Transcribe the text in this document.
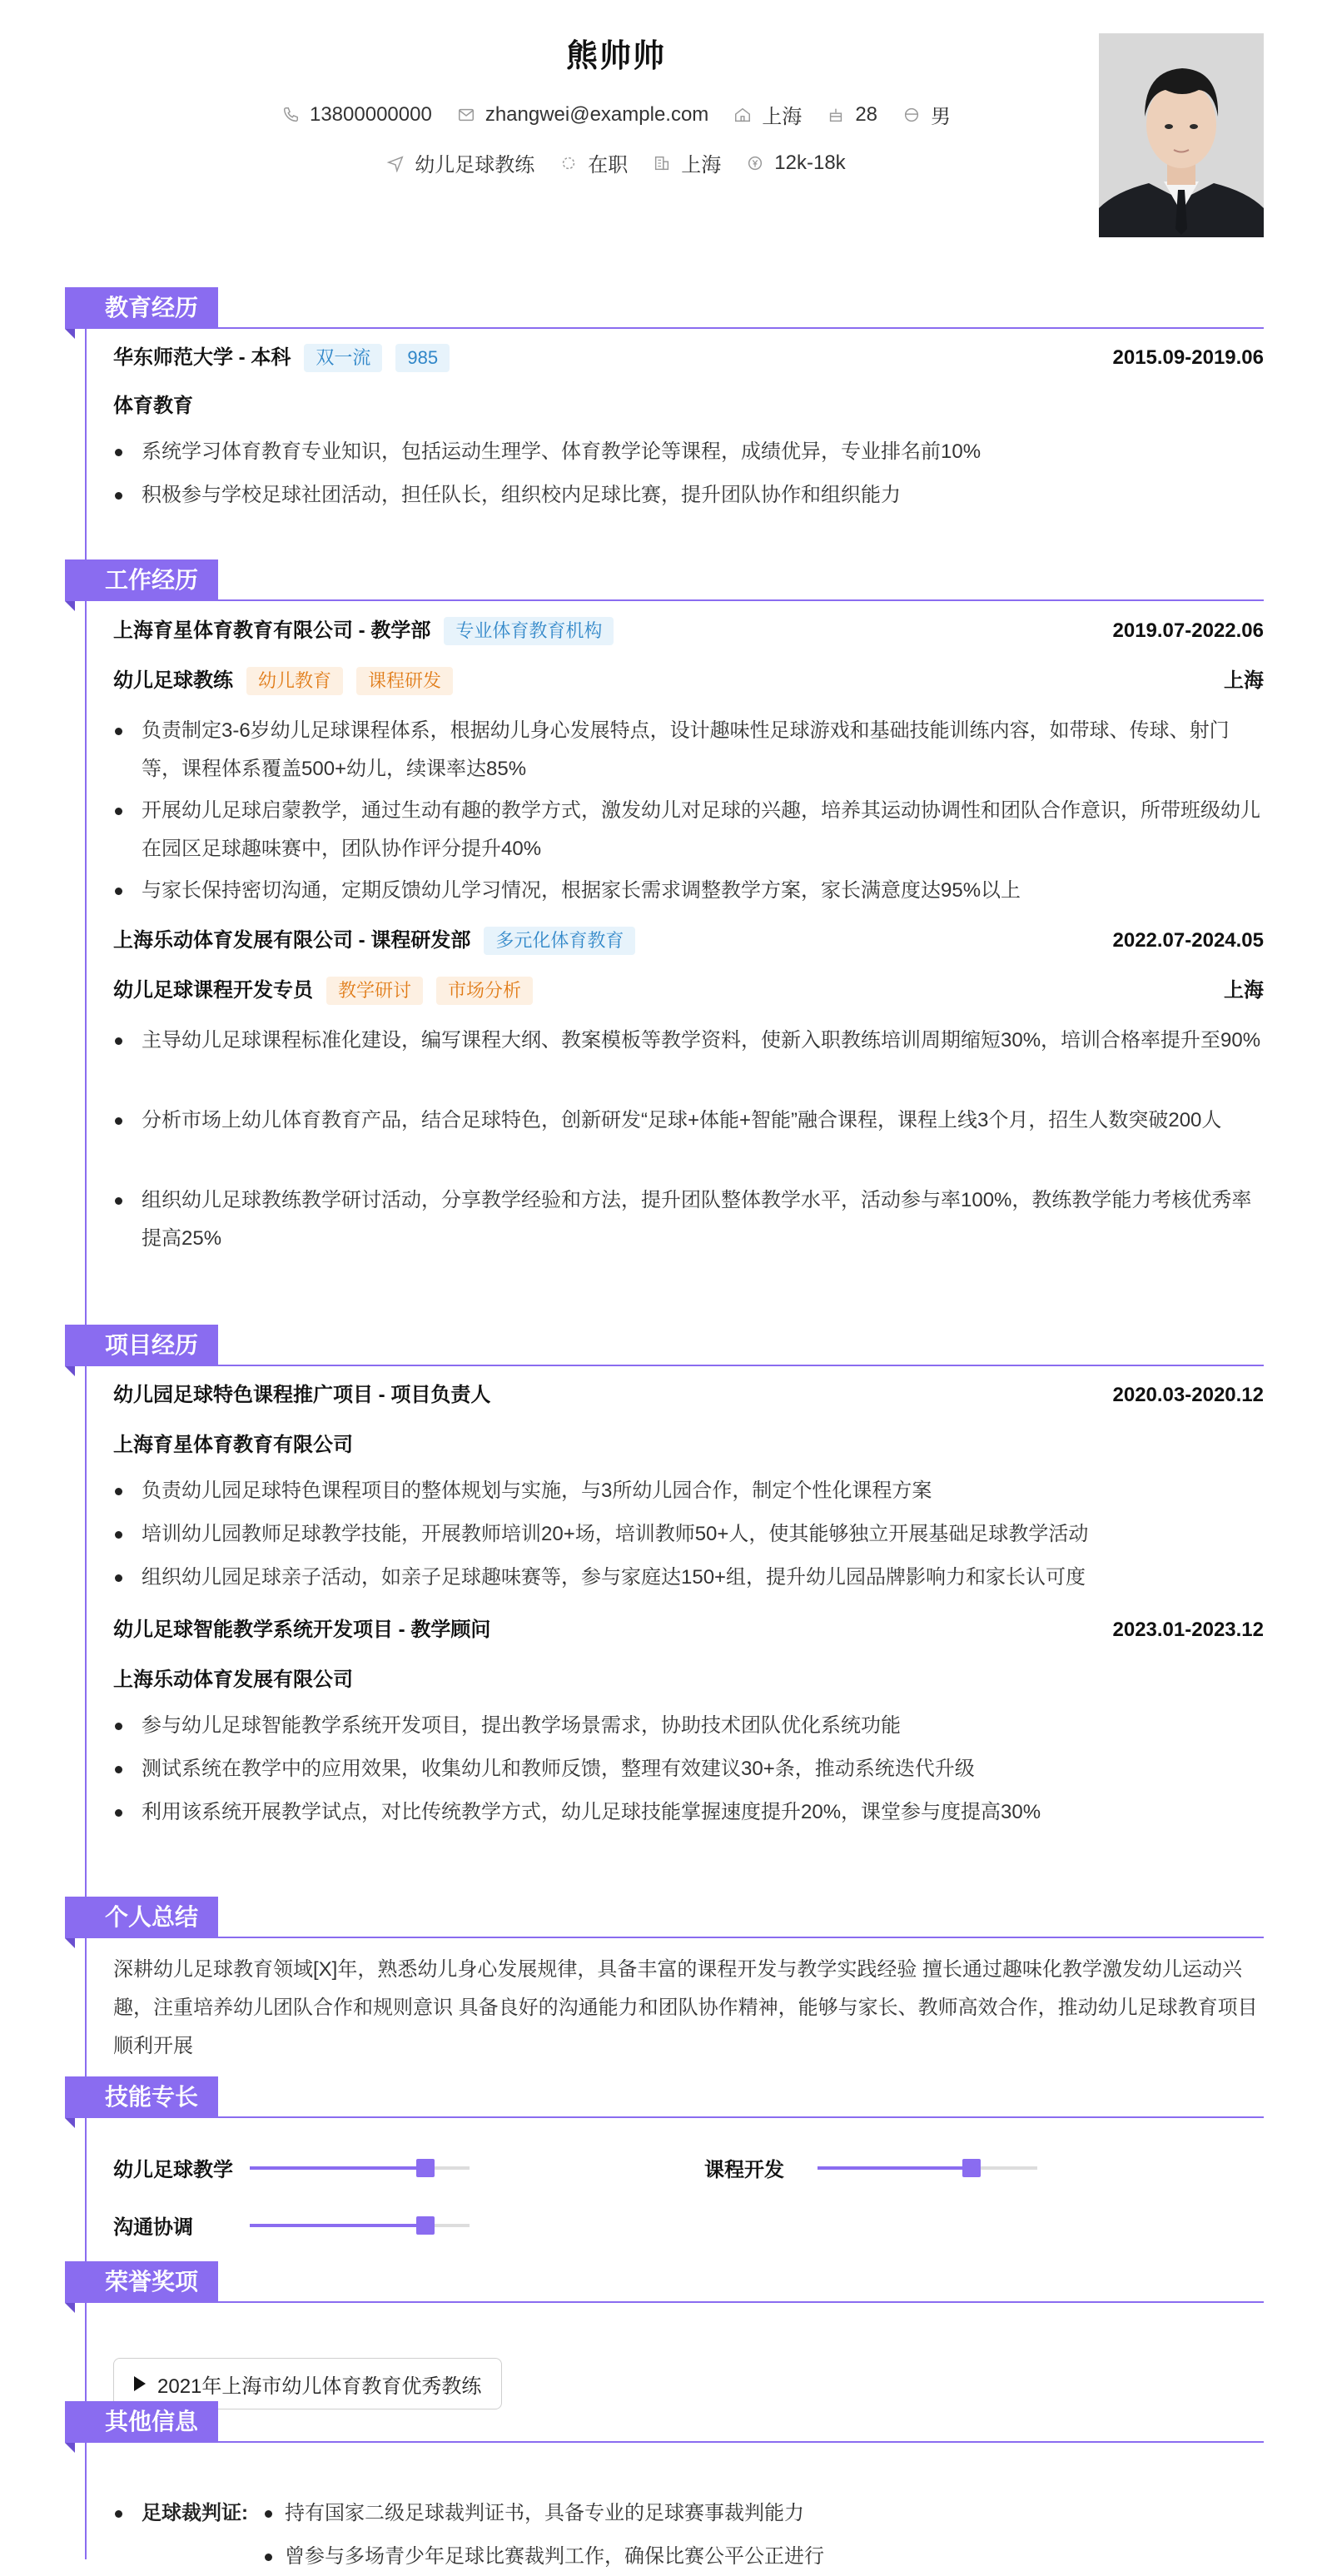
熊帅帅
13800000000	zhangwei@example.com	上海	28	男
幼儿足球教练	在职	上海	12k-18k
教育经历
华东师范大学 - 本科	双一流	985	2015.09-2019.06
体育教育
系统学习体育教育专业知识，包括运动生理学、体育教学论等课程，成绩优异，专业排名前10%
积极参与学校足球社团活动，担任队长，组织校内足球比赛，提升团队协作和组织能力
工作经历
上海育星体育教育有限公司 - 教学部	专业体育教育机构	2019.07-2022.06
幼儿足球教练	幼儿教育	课程研发	上海
负责制定3-6岁幼儿足球课程体系，根据幼儿身心发展特点，设计趣味性足球游戏和基础技能训练内容，如带球、传球、射门等，课程体系覆盖500+幼儿，续课率达85%
开展幼儿足球启蒙教学，通过生动有趣的教学方式，激发幼儿对足球的兴趣，培养其运动协调性和团队合作意识，所带班级幼儿在园区足球趣味赛中，团队协作评分提升40%
与家长保持密切沟通，定期反馈幼儿学习情况，根据家长需求调整教学方案，家长满意度达95%以上
上海乐动体育发展有限公司 - 课程研发部	多元化体育教育	2022.07-2024.05
幼儿足球课程开发专员	教学研讨	市场分析	上海
主导幼儿足球课程标准化建设，编写课程大纲、教案模板等教学资料，使新入职教练培训周期缩短30%，培训合格率提升至90%
分析市场上幼儿体育教育产品，结合足球特色，创新研发“足球+体能+智能”融合课程，课程上线3个月，招生人数突破200人
组织幼儿足球教练教学研讨活动，分享教学经验和方法，提升团队整体教学水平，活动参与率100%，教练教学能力考核优秀率提高25%
项目经历
幼儿园足球特色课程推广项目 - 项目负责人	2020.03-2020.12
上海育星体育教育有限公司
负责幼儿园足球特色课程项目的整体规划与实施，与3所幼儿园合作，制定个性化课程方案
培训幼儿园教师足球教学技能，开展教师培训20+场，培训教师50+人，使其能够独立开展基础足球教学活动
组织幼儿园足球亲子活动，如亲子足球趣味赛等，参与家庭达150+组，提升幼儿园品牌影响力和家长认可度
幼儿足球智能教学系统开发项目 - 教学顾问	2023.01-2023.12
上海乐动体育发展有限公司
参与幼儿足球智能教学系统开发项目，提出教学场景需求，协助技术团队优化系统功能
测试系统在教学中的应用效果，收集幼儿和教师反馈，整理有效建议30+条，推动系统迭代升级
利用该系统开展教学试点，对比传统教学方式，幼儿足球技能掌握速度提升20%，课堂参与度提高30%
个人总结
深耕幼儿足球教育领域[X]年，熟悉幼儿身心发展规律，具备丰富的课程开发与教学实践经验 擅长通过趣味化教学激发幼儿运动兴趣，注重培养幼儿团队合作和规则意识 具备良好的沟通能力和团队协作精神，能够与家长、教师高效合作，推动幼儿足球教育项目顺利开展
技能专长
幼儿足球教学	课程开发
沟通协调
荣誉奖项
2021年上海市幼儿体育教育优秀教练
其他信息
足球裁判证: 持有国家二级足球裁判证书，具备专业的足球赛事裁判能力
曾参与多场青少年足球比赛裁判工作，确保比赛公平公正进行
